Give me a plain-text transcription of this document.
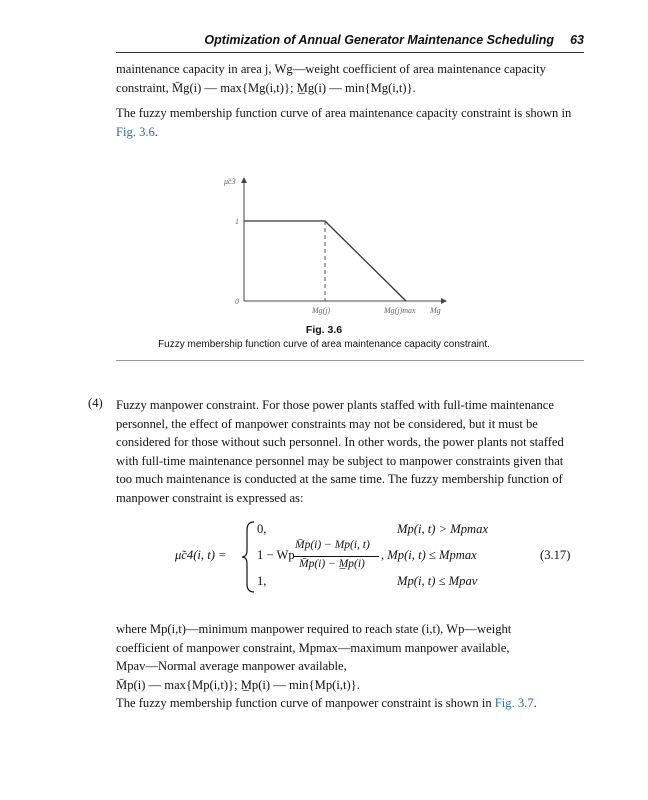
Optimization of Annual Generator Maintenance Scheduling 63
maintenance capacity in area j, Wg—weight coefficient of area maintenance capacity
constraint, M̄g(i) — max{Mg(i,t)}; M̲g(i) — min{Mg(i,t)}.
The fuzzy membership function curve of area maintenance capacity constraint is shown in Fig. 3.6.
μ̃c3
1
0
Mg(j)	Mg(j)max Mg
Fig. 3.6
Fuzzy membership function curve of area maintenance capacity constraint.
(4) Fuzzy manpower constraint. For those power plants staffed with full-time maintenance
personnel, the effect of manpower constraints may not be considered, but it must be
considered for those without such personnel. In other words, the power plants not staffed
with full-time maintenance personnel may be subject to manpower constraints given that
too much maintenance is conducted at the same time. The fuzzy membership function of
manpower constraint is expressed as:
μ̃c4(i, t) =
0,	Mp(i, t) > Mpmax
1 − Wp
M̄p(i) − Mp(i, t)
M̄p(i) − M̲p(i)
, Mp(i, t) ≤ Mpmax
1,	Mp(i, t) ≤ Mpav
(3.17)
where Mp(i,t)—minimum manpower required to reach state (i,t), Wp—weight
coefficient of manpower constraint, Mpmax—maximum manpower available,
Mpav—Normal average manpower available,
M̄p(i) — max{Mp(i,t)}; M̲p(i) — min{Mp(i,t)}.
The fuzzy membership function curve of manpower constraint is shown in Fig. 3.7.
